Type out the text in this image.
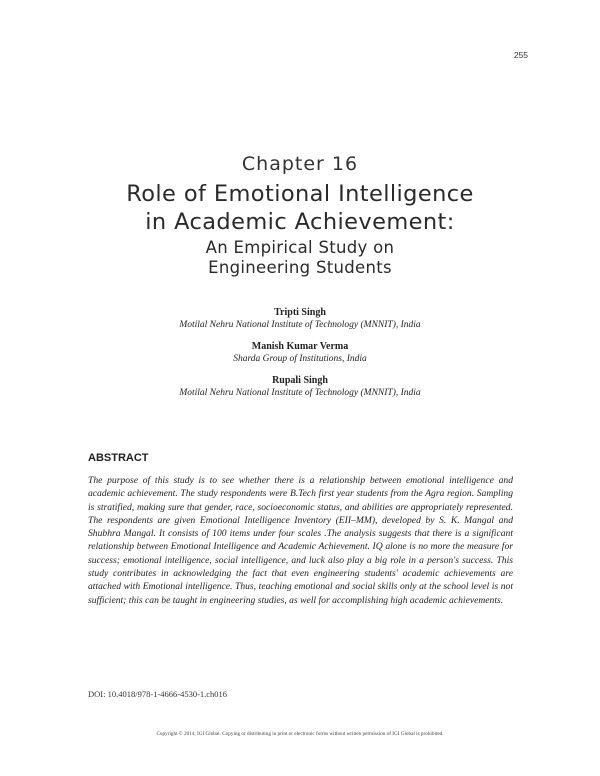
255
Chapter 16
Role of Emotional Intelligence
in Academic Achievement:
An Empirical Study on
Engineering Students
Tripti Singh
Motilal Nehru National Institute of Technology (MNNIT), India
Manish Kumar Verma
Sharda Group of Institutions, India
Rupali Singh
Motilal Nehru National Institute of Technology (MNNIT), India
ABSTRACT
The purpose of this study is to see whether there is a relationship between emotional intelligence and academic achievement. The study respondents were B.Tech first year students from the Agra region. Sampling is stratified, making sure that gender, race, socioeconomic status, and abilities are appropriately represented. The respondents are given Emotional Intelligence Inventory (EII–MM), developed by S. K. Mangal and Shubhra Mangal. It consists of 100 items under four scales .The analysis suggests that there is a significant relationship between Emotional Intelligence and Academic Achievement. IQ alone is no more the measure for success; emotional intelligence, social intelligence, and luck also play a big role in a person's success. This study contributes in acknowledging the fact that even engineering students' academic achievements are attached with Emotional intelligence. Thus, teaching emotional and social skills only at the school level is not sufficient; this can be taught in engineering studies, as well for accomplishing high academic achievements.
DOI: 10.4018/978-1-4666-4530-1.ch016
Copyright © 2014, IGI Global. Copying or distributing in print or electronic forms without written permission of IGI Global is prohibited.
